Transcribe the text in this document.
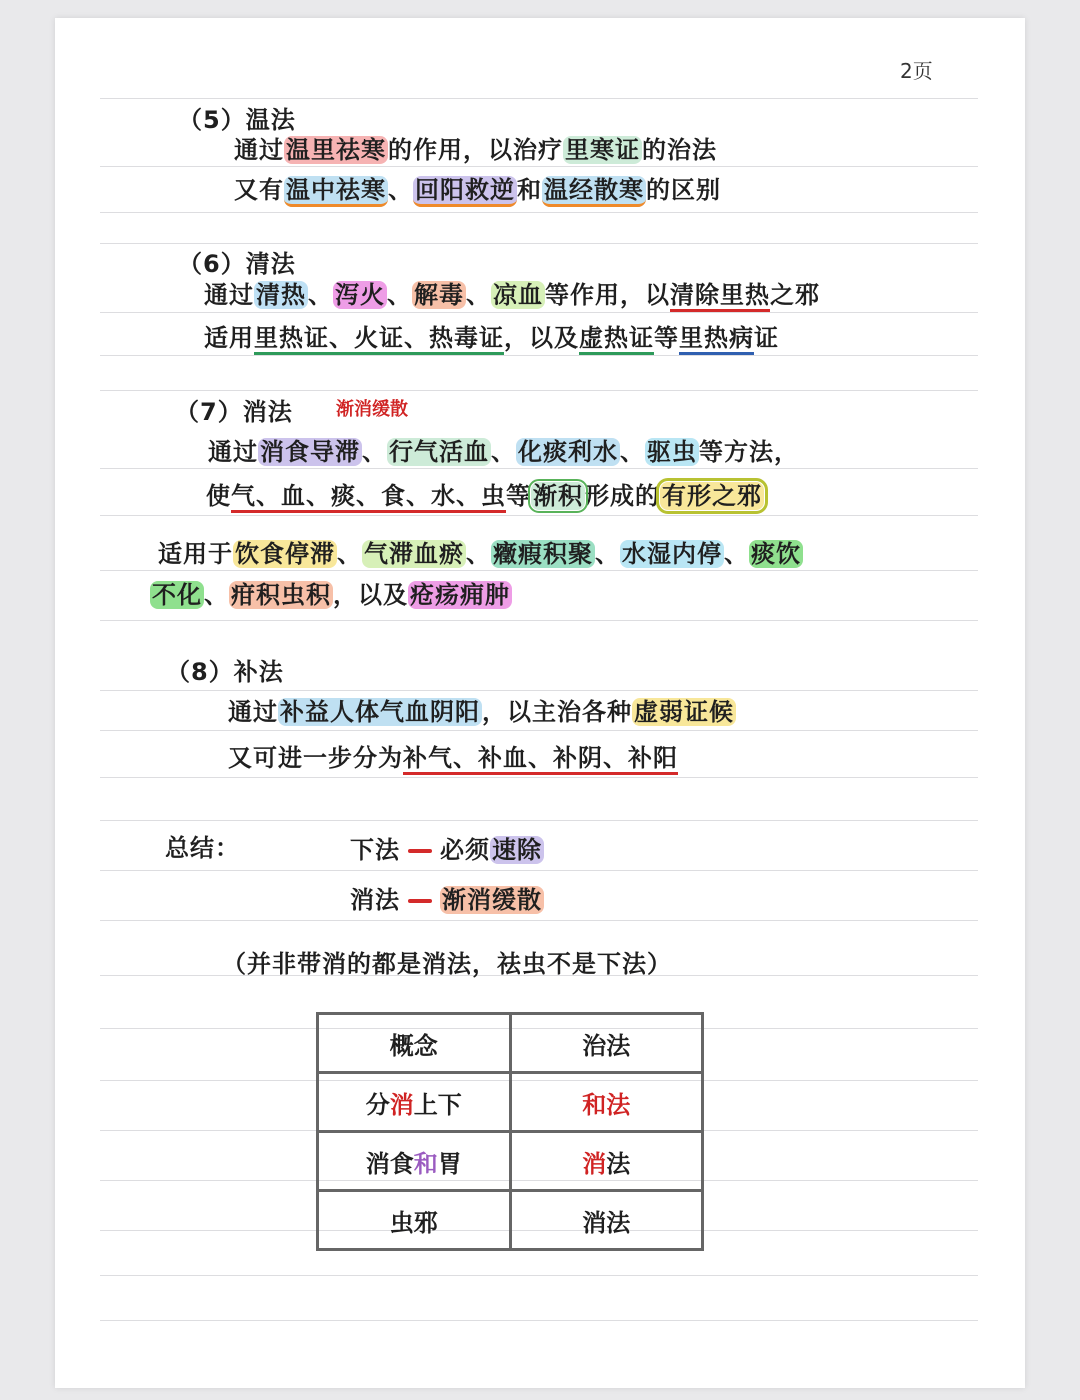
2页
（5）温法
通过温里祛寒的作用，以治疗里寒证的治法
又有温中祛寒、回阳救逆和温经散寒的区别
（6）清法
通过清热、泻火、解毒、凉血等作用，以清除里热之邪
适用里热证、火证、热毒证，以及虚热证等里热病证
（7）消法 渐消缓散
通过消食导滞、行气活血、化痰利水、驱虫等方法，
使气、血、痰、食、水、虫等渐积形成的有形之邪
适用于饮食停滞、气滞血瘀、癥瘕积聚、水湿内停、痰饮
不化、疳积虫积，以及疮疡痈肿
（8）补法
通过补益人体气血阴阳，以主治各种虚弱证候
又可进一步分为补气、补血、补阴、补阳
总结：	下法 必须速除
消法 渐消缓散
（并非带消的都是消法，祛虫不是下法）
概念	治法
分消上下	和法
消食和胃	消法
虫邪	消法
